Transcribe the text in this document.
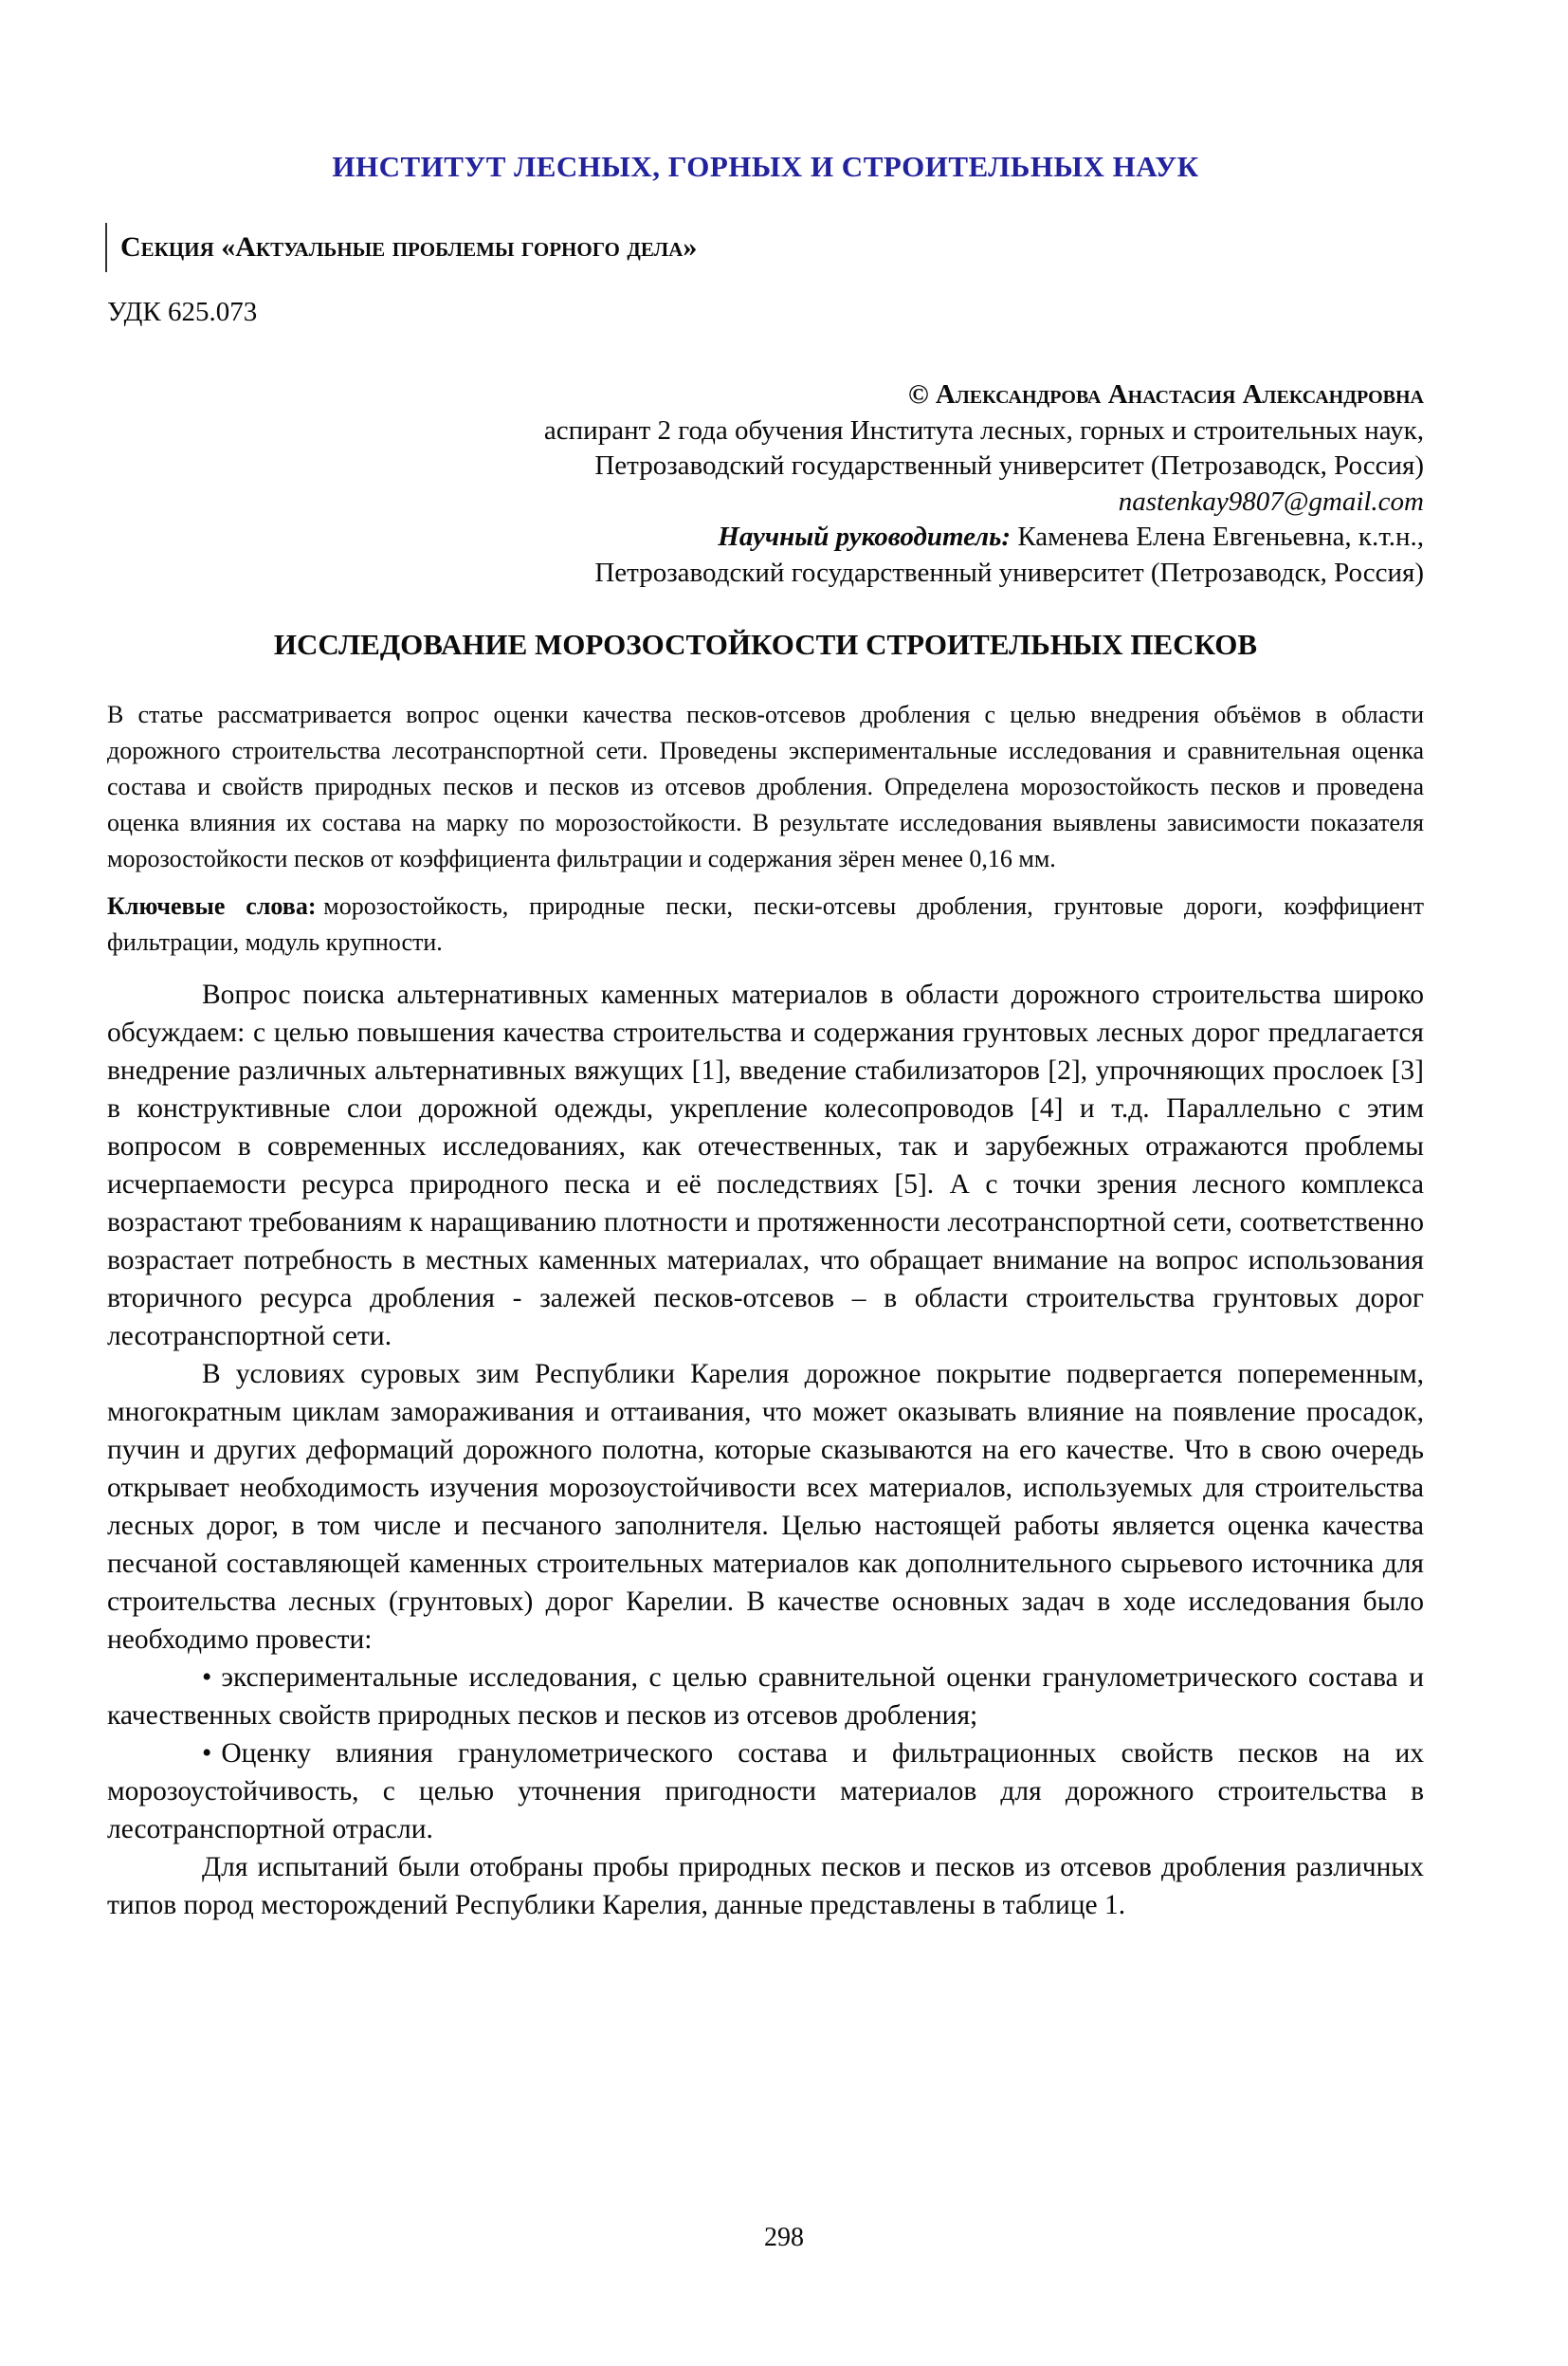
ИНСТИТУТ ЛЕСНЫХ, ГОРНЫХ И СТРОИТЕЛЬНЫХ НАУК
Секция «Актуальные проблемы горного дела»
УДК 625.073
© Александрова Анастасия Александровна
аспирант 2 года обучения Института лесных, горных и строительных наук,
Петрозаводский государственный университет (Петрозаводск, Россия)
nastenkay9807@gmail.com
Научный руководитель: Каменева Елена Евгеньевна, к.т.н.,
Петрозаводский государственный университет (Петрозаводск, Россия)
ИССЛЕДОВАНИЕ МОРОЗОСТОЙКОСТИ СТРОИТЕЛЬНЫХ ПЕСКОВ
В статье рассматривается вопрос оценки качества песков-отсевов дробления с целью внедрения объёмов в области дорожного строительства лесотранспортной сети. Проведены экспериментальные исследования и сравнительная оценка состава и свойств природных песков и песков из отсевов дробления. Определена морозостойкость песков и проведена оценка влияния их состава на марку по морозостойкости. В результате исследования выявлены зависимости показателя морозостойкости песков от коэффициента фильтрации и содержания зёрен менее 0,16 мм.
Ключевые слова: морозостойкость, природные пески, пески-отсевы дробления, грунтовые дороги, коэффициент фильтрации, модуль крупности.
Вопрос поиска альтернативных каменных материалов в области дорожного строительства широко обсуждаем: с целью повышения качества строительства и содержания грунтовых лесных дорог предлагается внедрение различных альтернативных вяжущих [1], введение стабилизаторов [2], упрочняющих прослоек [3] в конструктивные слои дорожной одежды, укрепление колесопроводов [4] и т.д. Параллельно с этим вопросом в современных исследованиях, как отечественных, так и зарубежных отражаются проблемы исчерпаемости ресурса природного песка и её последствиях [5]. А с точки зрения лесного комплекса возрастают требованиям к наращиванию плотности и протяженности лесотранспортной сети, соответственно возрастает потребность в местных каменных материалах, что обращает внимание на вопрос использования вторичного ресурса дробления - залежей песков-отсевов – в области строительства грунтовых дорог лесотранспортной сети.
В условиях суровых зим Республики Карелия дорожное покрытие подвергается попеременным, многократным циклам замораживания и оттаивания, что может оказывать влияние на появление просадок, пучин и других деформаций дорожного полотна, которые сказываются на его качестве. Что в свою очередь открывает необходимость изучения морозоустойчивости всех материалов, используемых для строительства лесных дорог, в том числе и песчаного заполнителя. Целью настоящей работы является оценка качества песчаной составляющей каменных строительных материалов как дополнительного сырьевого источника для строительства лесных (грунтовых) дорог Карелии. В качестве основных задач в ходе исследования было необходимо провести:
• экспериментальные исследования, с целью сравнительной оценки гранулометрического состава и качественных свойств природных песков и песков из отсевов дробления;
• Оценку влияния гранулометрического состава и фильтрационных свойств песков на их морозоустойчивость, с целью уточнения пригодности материалов для дорожного строительства в лесотранспортной отрасли.
Для испытаний были отобраны пробы природных песков и песков из отсевов дробления различных типов пород месторождений Республики Карелия, данные представлены в таблице 1.
298
